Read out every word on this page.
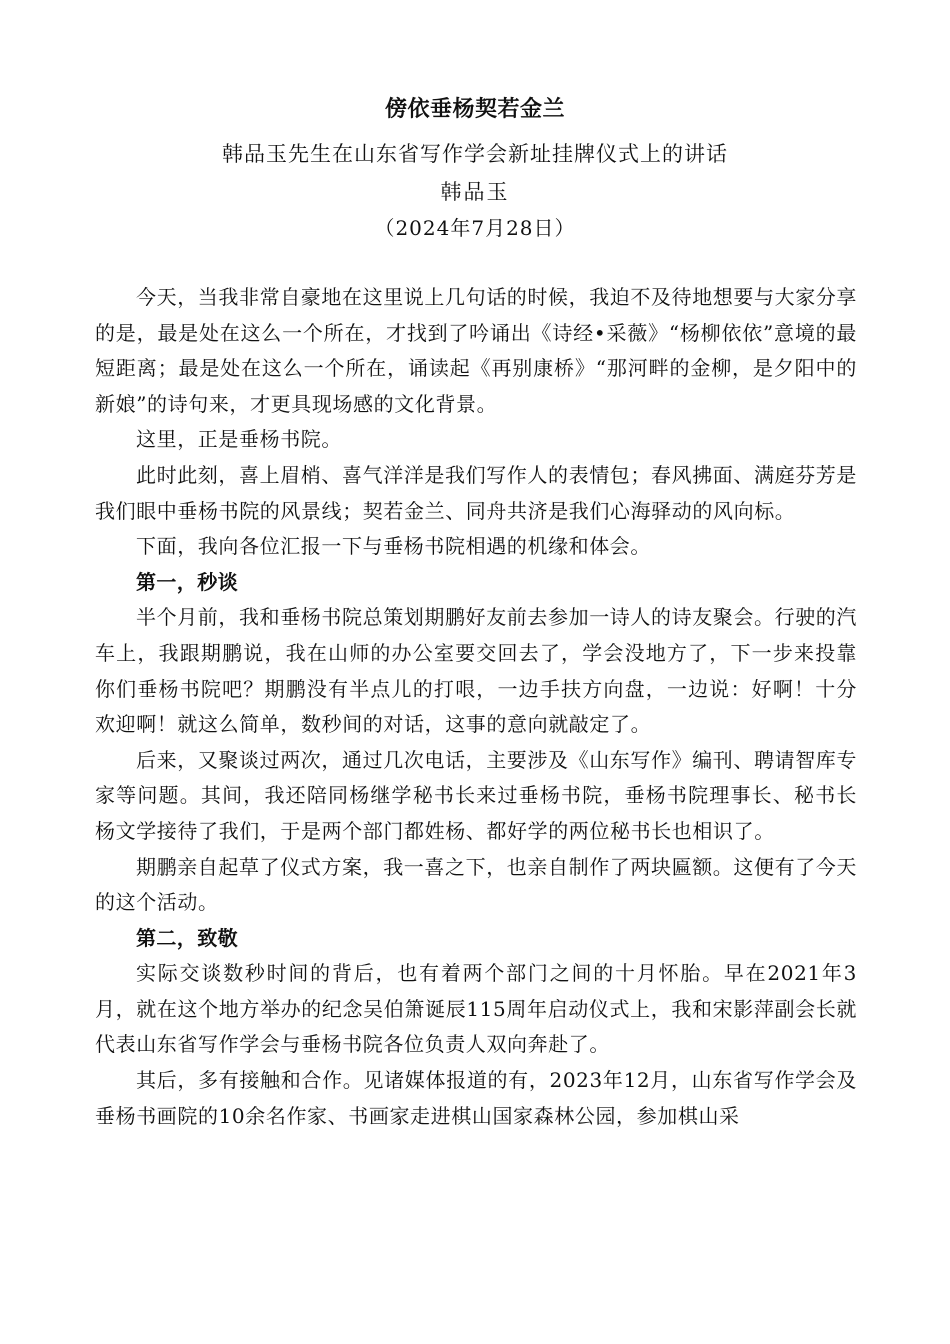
傍依垂杨契若金兰
韩品玉先生在山东省写作学会新址挂牌仪式上的讲话
韩品玉
（2024年7月28日）

今天，当我非常自豪地在这里说上几句话的时候，我迫不及待地想要与大家分享的是，最是处在这么一个所在，才找到了吟诵出《诗经•采薇》“杨柳依依”意境的最短距离；最是处在这么一个所在，诵读起《再别康桥》“那河畔的金柳，是夕阳中的新娘”的诗句来，才更具现场感的文化背景。

这里，正是垂杨书院。

此时此刻，喜上眉梢、喜气洋洋是我们写作人的表情包；春风拂面、满庭芬芳是我们眼中垂杨书院的风景线；契若金兰、同舟共济是我们心海驿动的风向标。

下面，我向各位汇报一下与垂杨书院相遇的机缘和体会。

第一，秒谈

半个月前，我和垂杨书院总策划期鹏好友前去参加一诗人的诗友聚会。行驶的汽车上，我跟期鹏说，我在山师的办公室要交回去了，学会没地方了，下一步来投靠你们垂杨书院吧？期鹏没有半点儿的打哏，一边手扶方向盘，一边说：好啊！十分欢迎啊！就这么简单，数秒间的对话，这事的意向就敲定了。

后来，又聚谈过两次，通过几次电话，主要涉及《山东写作》编刊、聘请智库专家等问题。其间，我还陪同杨继学秘书长来过垂杨书院，垂杨书院理事长、秘书长杨文学接待了我们，于是两个部门都姓杨、都好学的两位秘书长也相识了。

期鹏亲自起草了仪式方案，我一喜之下，也亲自制作了两块匾额。这便有了今天的这个活动。

第二，致敬

实际交谈数秒时间的背后，也有着两个部门之间的十月怀胎。早在2021年3月，就在这个地方举办的纪念吴伯箫诞辰115周年启动仪式上，我和宋影萍副会长就代表山东省写作学会与垂杨书院各位负责人双向奔赴了。

其后，多有接触和合作。见诸媒体报道的有，2023年12月，山东省写作学会及垂杨书画院的10余名作家、书画家走进棋山国家森林公园，参加棋山采
